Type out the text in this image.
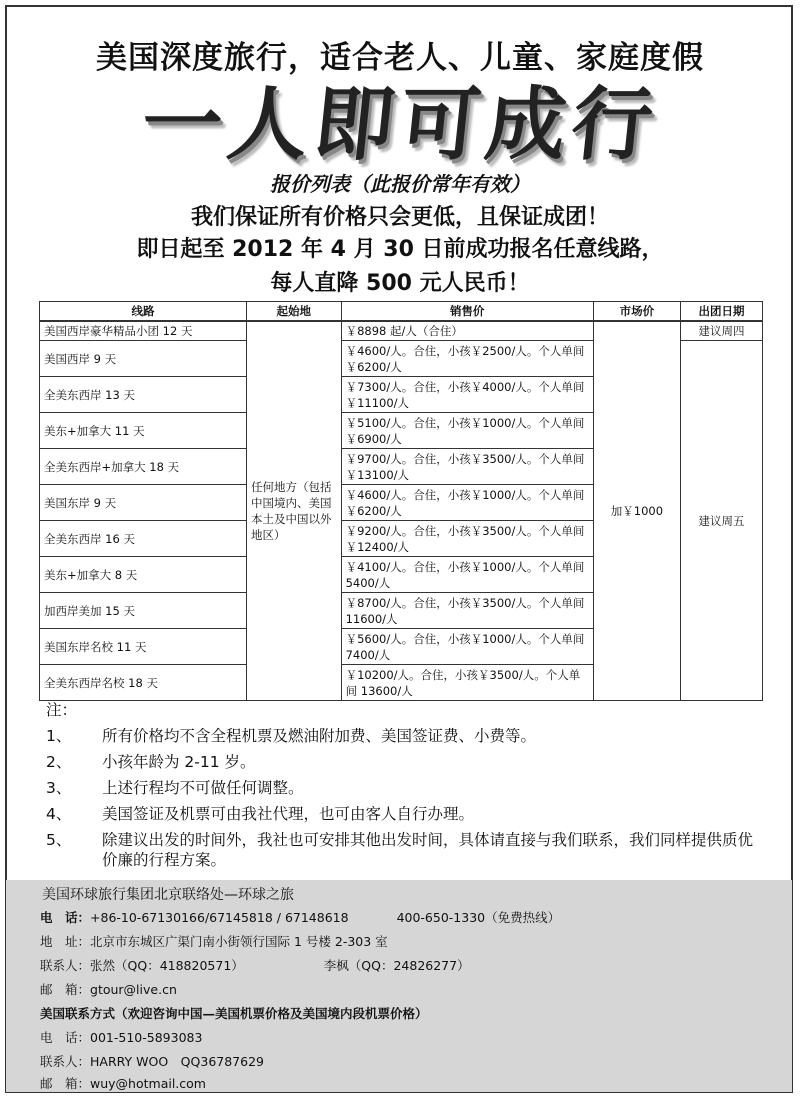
美国深度旅行，适合老人、儿童、家庭度假
一人即可成行
报价列表（此报价常年有效）
我们保证所有价格只会更低，且保证成团！
即日起至 2012 年 4 月 30 日前成功报名任意线路，
每人直降 500 元人民币！
线路	起始地	销售价	市场价	出团日期
美国西岸豪华精品小团 12 天	任何地方（包括中国境内、美国本土及中国以外地区）	￥8898 起/人（合住）	加￥1000	建议周四
美国西岸 9 天		￥4600/人。合住，小孩￥2500/人。个人单间￥6200/人		建议周五
全美东西岸 13 天		￥7300/人。合住，小孩￥4000/人。个人单间￥11100/人		
美东+加拿大 11 天		￥5100/人。合住，小孩￥1000/人。个人单间￥6900/人		
全美东西岸+加拿大 18 天		￥9700/人。合住，小孩￥3500/人。个人单间￥13100/人		
美国东岸 9 天		￥4600/人。合住，小孩￥1000/人。个人单间￥6200/人		
全美东西岸 16 天		￥9200/人。合住，小孩￥3500/人。个人单间￥12400/人		
美东+加拿大 8 天		￥4100/人。合住，小孩￥1000/人。个人单间 5400/人		
加西岸美加 15 天		￥8700/人。合住，小孩￥3500/人。个人单间 11600/人		
美国东岸名校 11 天		￥5600/人。合住，小孩￥1000/人。个人单间 7400/人		
全美东西岸名校 18 天		￥10200/人。合住，小孩￥3500/人。个人单间 13600/人		
注：
1、	所有价格均不含全程机票及燃油附加费、美国签证费、小费等。
2、	小孩年龄为 2-11 岁。
3、	上述行程均不可做任何调整。
4、	美国签证及机票可由我社代理，也可由客人自行办理。
5、	除建议出发的时间外，我社也可安排其他出发时间，具体请直接与我们联系，我们同样提供质优价廉的行程方案。
美国环球旅行集团北京联络处—环球之旅
电　话：+86-10-67130166/67145818 / 67148618	400-650-1330（免费热线）
地　址：北京市东城区广渠门南小街领行国际 1 号楼 2-303 室
联系人：张然（QQ：418820571）	李枫（QQ：24826277）
邮　箱：gtour@live.cn
美国联系方式（欢迎咨询中国—美国机票价格及美国境内段机票价格）
电　话：001-510-5893083
联系人：HARRY WOO　QQ36787629
邮　箱：wuy@hotmail.com
